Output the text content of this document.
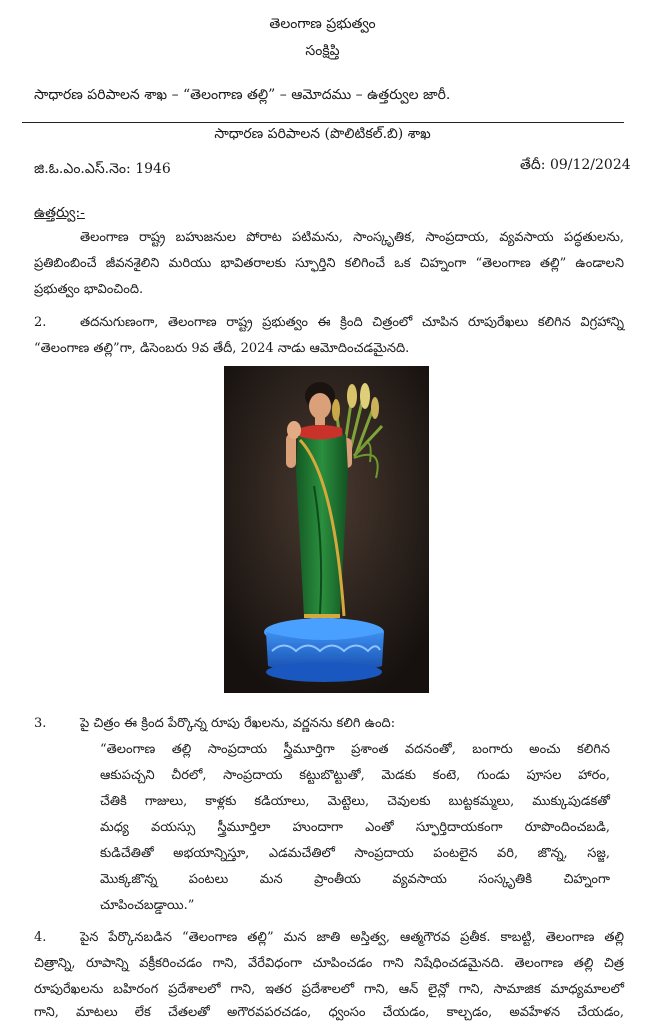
తెలంగాణ ప్రభుత్వం
సంక్షిప్తి
సాధారణ పరిపాలన శాఖ – “తెలంగాణ తల్లి” – ఆమోదము – ఉత్తర్వుల జారీ.
సాధారణ పరిపాలన (పొలిటికల్.బి) శాఖ
జి.ఓ.ఎం.ఎస్.నెం: 1946	తేదీ: 09/12/2024
ఉత్తర్వు:-
తెలంగాణ రాష్ట్ర బహుజనుల పోరాట పటిమను, సాంస్కృతిక, సాంప్రదాయ, వ్యవసాయ పద్ధతులను,
ప్రతిబింబించే జీవనశైలిని మరియు భావితరాలకు స్ఫూర్తిని కలిగించే ఒక చిహ్నంగా “తెలంగాణ తల్లి” ఉండాలని
ప్రభుత్వం భావించింది.
2.	తదనుగుణంగా, తెలంగాణ రాష్ట్ర ప్రభుత్వం ఈ క్రింది చిత్రంలో చూపిన రూపురేఖలు కలిగిన విగ్రహాన్ని
“తెలంగాణ తల్లి”గా, డిసెంబరు 9వ తేదీ, 2024 నాడు ఆమోదించడమైనది.
3.	పై చిత్రం ఈ క్రింద పేర్కొన్న రూపు రేఖలను, వర్ణనను కలిగి ఉంది:
“తెలంగాణ తల్లి సాంప్రదాయ స్త్రీమూర్తిగా ప్రశాంత వదనంతో, బంగారు అంచు కలిగిన
ఆకుపచ్చని చీరలో, సాంప్రదాయ కట్టుబొట్టుతో, మెడకు కంటె, గుండు పూసల హారం,
చేతికి గాజులు, కాళ్లకు కడియాలు, మెట్టెలు, చెవులకు బుట్టకమ్మలు, ముక్కుపుడకతో
మధ్య వయస్సు స్త్రీమూర్తిలా హుందాగా ఎంతో స్ఫూర్తిదాయకంగా రూపొందించబడి,
కుడిచేతితో అభయాన్నిస్తూ, ఎడమచేతిలో సాంప్రదాయ పంటలైన వరి, జొన్న, సజ్జ,
మొక్కజొన్న పంటలు మన ప్రాంతీయ వ్యవసాయ సంస్కృతికి చిహ్నంగా
చూపించబడ్డాయి.”
4.	పైన పేర్కొనబడిన “తెలంగాణ తల్లి” మన జాతి అస్తిత్వ, ఆత్మగౌరవ ప్రతీక. కాబట్టి, తెలంగాణ తల్లి
చిత్రాన్ని, రూపాన్ని వక్రీకరించడం గాని, వేరేవిధంగా చూపించడం గాని నిషేధించడమైనది. తెలంగాణ తల్లి చిత్ర
రూపురేఖలను బహిరంగ ప్రదేశాలలో గాని, ఇతర ప్రదేశాలలో గాని, ఆన్ లైన్లో గాని, సామాజిక మాధ్యమాలలో
గాని, మాటలు లేక చేతలతో అగౌరవపరచడం, ధ్వంసం చేయడం, కాల్చడం, అవహేళన చేయడం,
